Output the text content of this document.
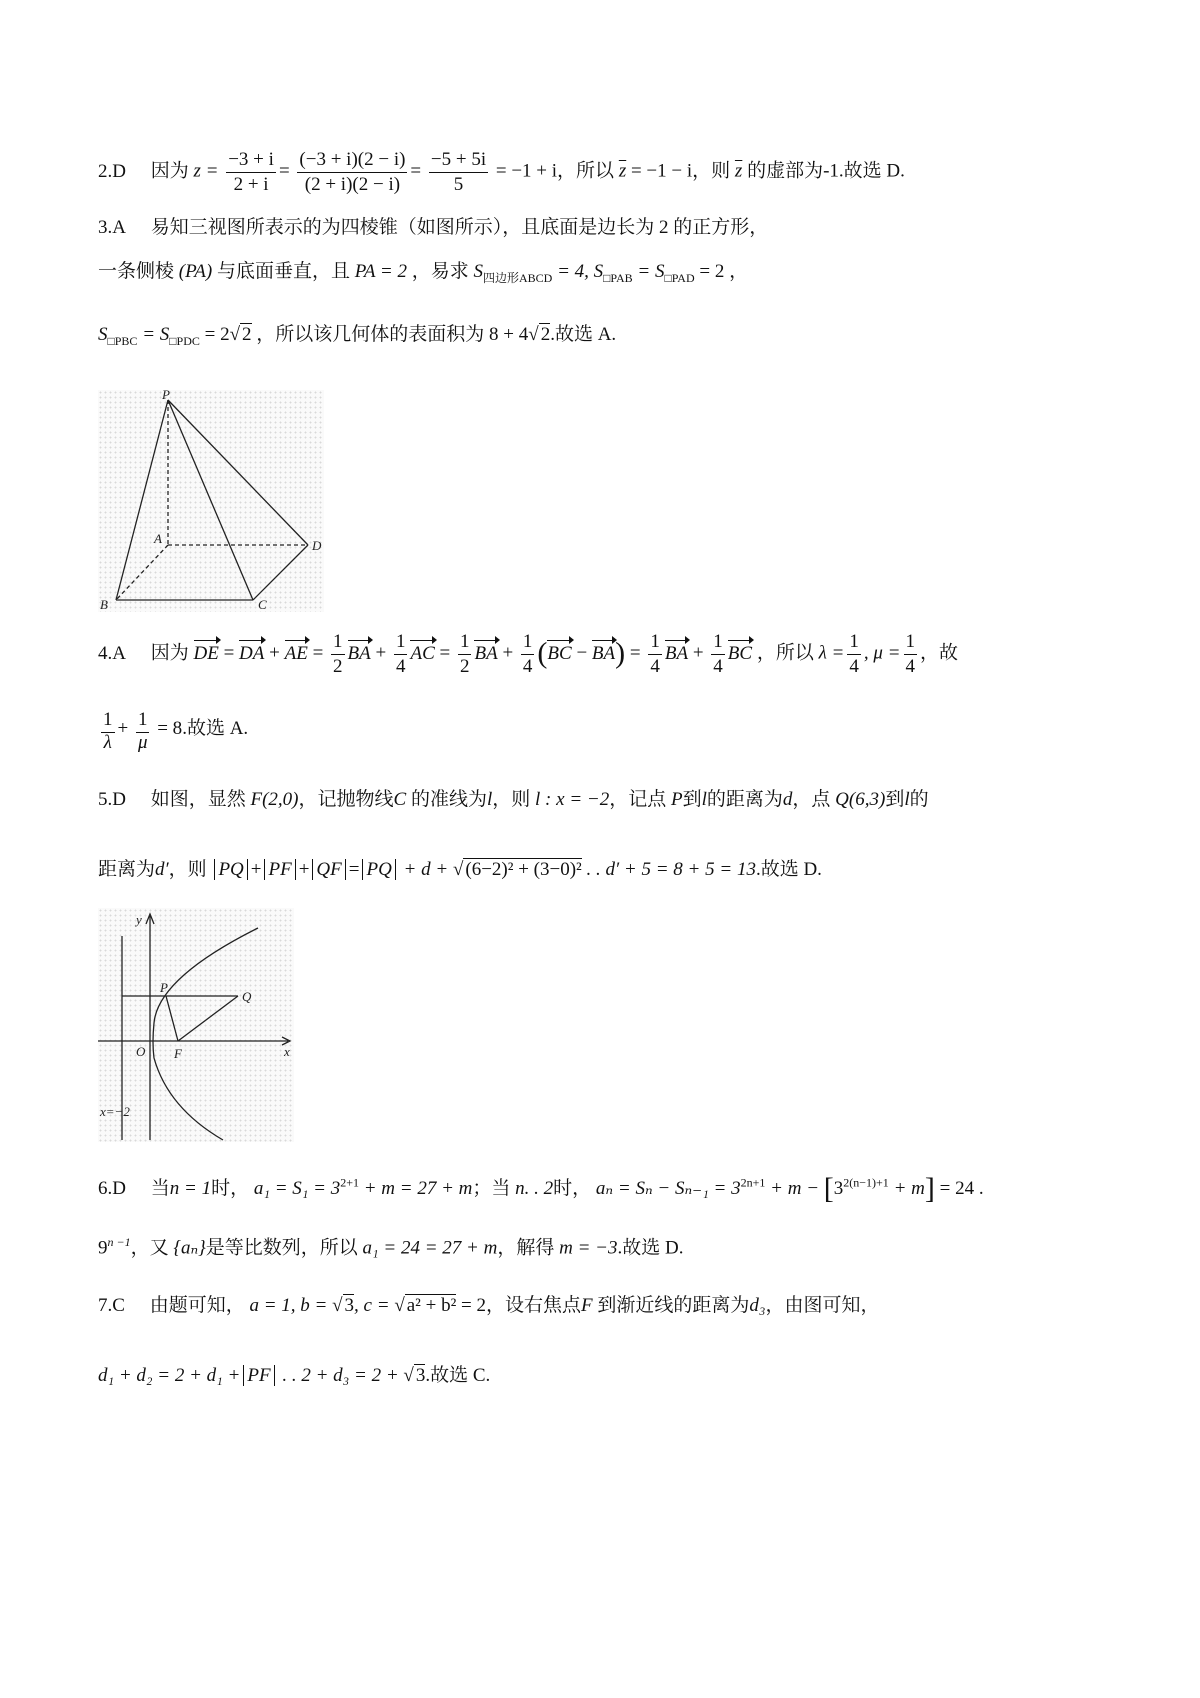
2.D 因为 $z = \frac{-3 + i}{2 + i} = \frac{(-3 + i)(2 - i)}{(2 + i)(2 - i)} = \frac{-5 + 5i}{5} = -1 + i$，所以 $\overline{z} = -1 - i$，则 $\overline{z}$ 的虚部为-1.故选 D.
3.A 易知三视图所表示的为四棱锥（如图所示），且底面是边长为 2 的正方形，
一条侧棱 (PA) 与底面垂直，且 PA = 2 ，易求 $S_{四边形ABCD} = 4$, $S_{□PAB} = S_{□PAD} = 2$ ，
$S_{□PBC} = S_{□PDC} = 2√$ 2 ，所以该几何体的表面积为 8 + 4√ 2.故选 A.
P
A	D
B	C
4.A 因为 DE = DA + AE = $\frac{1}{2}$ BA + $\frac{1}{4}$ AC = $\frac{1}{2}$ BA + $\frac{1}{4} (BC - BA) = \frac{1}{4}$ BA + $\frac{1}{4}$ BC ，所以 $\lambda = \frac{1}{4}$ , $\mu = \frac{1}{4}$ ，故
$\frac{1}{\lambda} + \frac{1}{\mu} = 8$.故选 A.
5.D 如图，显然 F(2,0)，记抛物线C 的准线为l，则 l : x = −2，记点 P到l的距离为d，点 Q(6,3)到l的
距离为d′，则 PQ + PF + QF = PQ + d + √ (6−2)² + (3−0)² . . d′ + 5 = 8 + 5 = 13.故选 D.
y
P
Q
O F	x
x=−2
6.D 当n = 1时， $a_1 = S_1 = 3^{2+1} + m = 27 + m$；当 n. . 2时， $a_n = S_n - S_{n-1} = 3^{2n+1} + m - [3^{2(n-1)+1} + m] = 24$ .
$9^{n -1}$，又 {aₙ}是等比数列，所以 a₁ = 24 = 27 + m，解得 m = −3.故选 D.
7.C 由题可知， a = 1, b = √ 3, c = √ a² + b² = 2，设右焦点F 到渐近线的距离为d₃，由图可知，
d₁ + d₂ = 2 + d₁ + PF . . 2 + d₃ = 2 + √ 3.故选 C.
